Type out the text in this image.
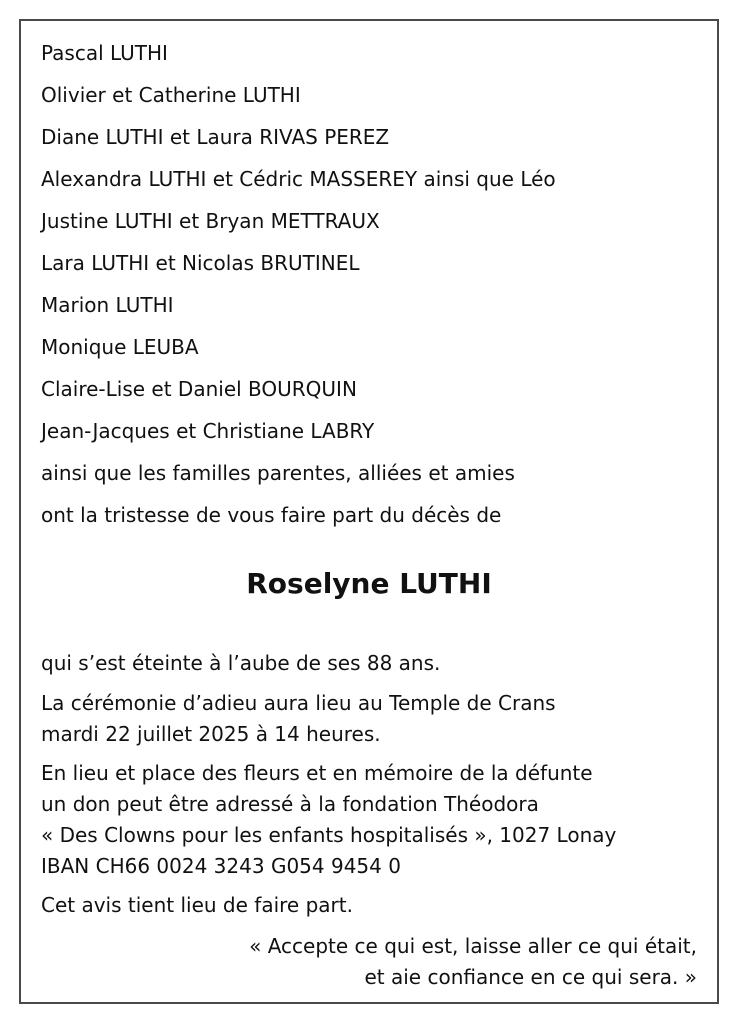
Pascal LUTHI
Olivier et Catherine LUTHI
Diane LUTHI et Laura RIVAS PEREZ
Alexandra LUTHI et Cédric MASSEREY ainsi que Léo
Justine LUTHI et Bryan METTRAUX
Lara LUTHI et Nicolas BRUTINEL
Marion LUTHI
Monique LEUBA
Claire-Lise et Daniel BOURQUIN
Jean-Jacques et Christiane LABRY
ainsi que les familles parentes, alliées et amies
ont la tristesse de vous faire part du décès de
Roselyne LUTHI
qui s’est éteinte à l’aube de ses 88 ans.
La cérémonie d’adieu aura lieu au Temple de Crans
mardi 22 juillet 2025 à 14 heures.
En lieu et place des fleurs et en mémoire de la défunte
un don peut être adressé à la fondation Théodora
« Des Clowns pour les enfants hospitalisés », 1027 Lonay
IBAN CH66 0024 3243 G054 9454 0
Cet avis tient lieu de faire part.
« Accepte ce qui est, laisse aller ce qui était,
et aie confiance en ce qui sera. »
